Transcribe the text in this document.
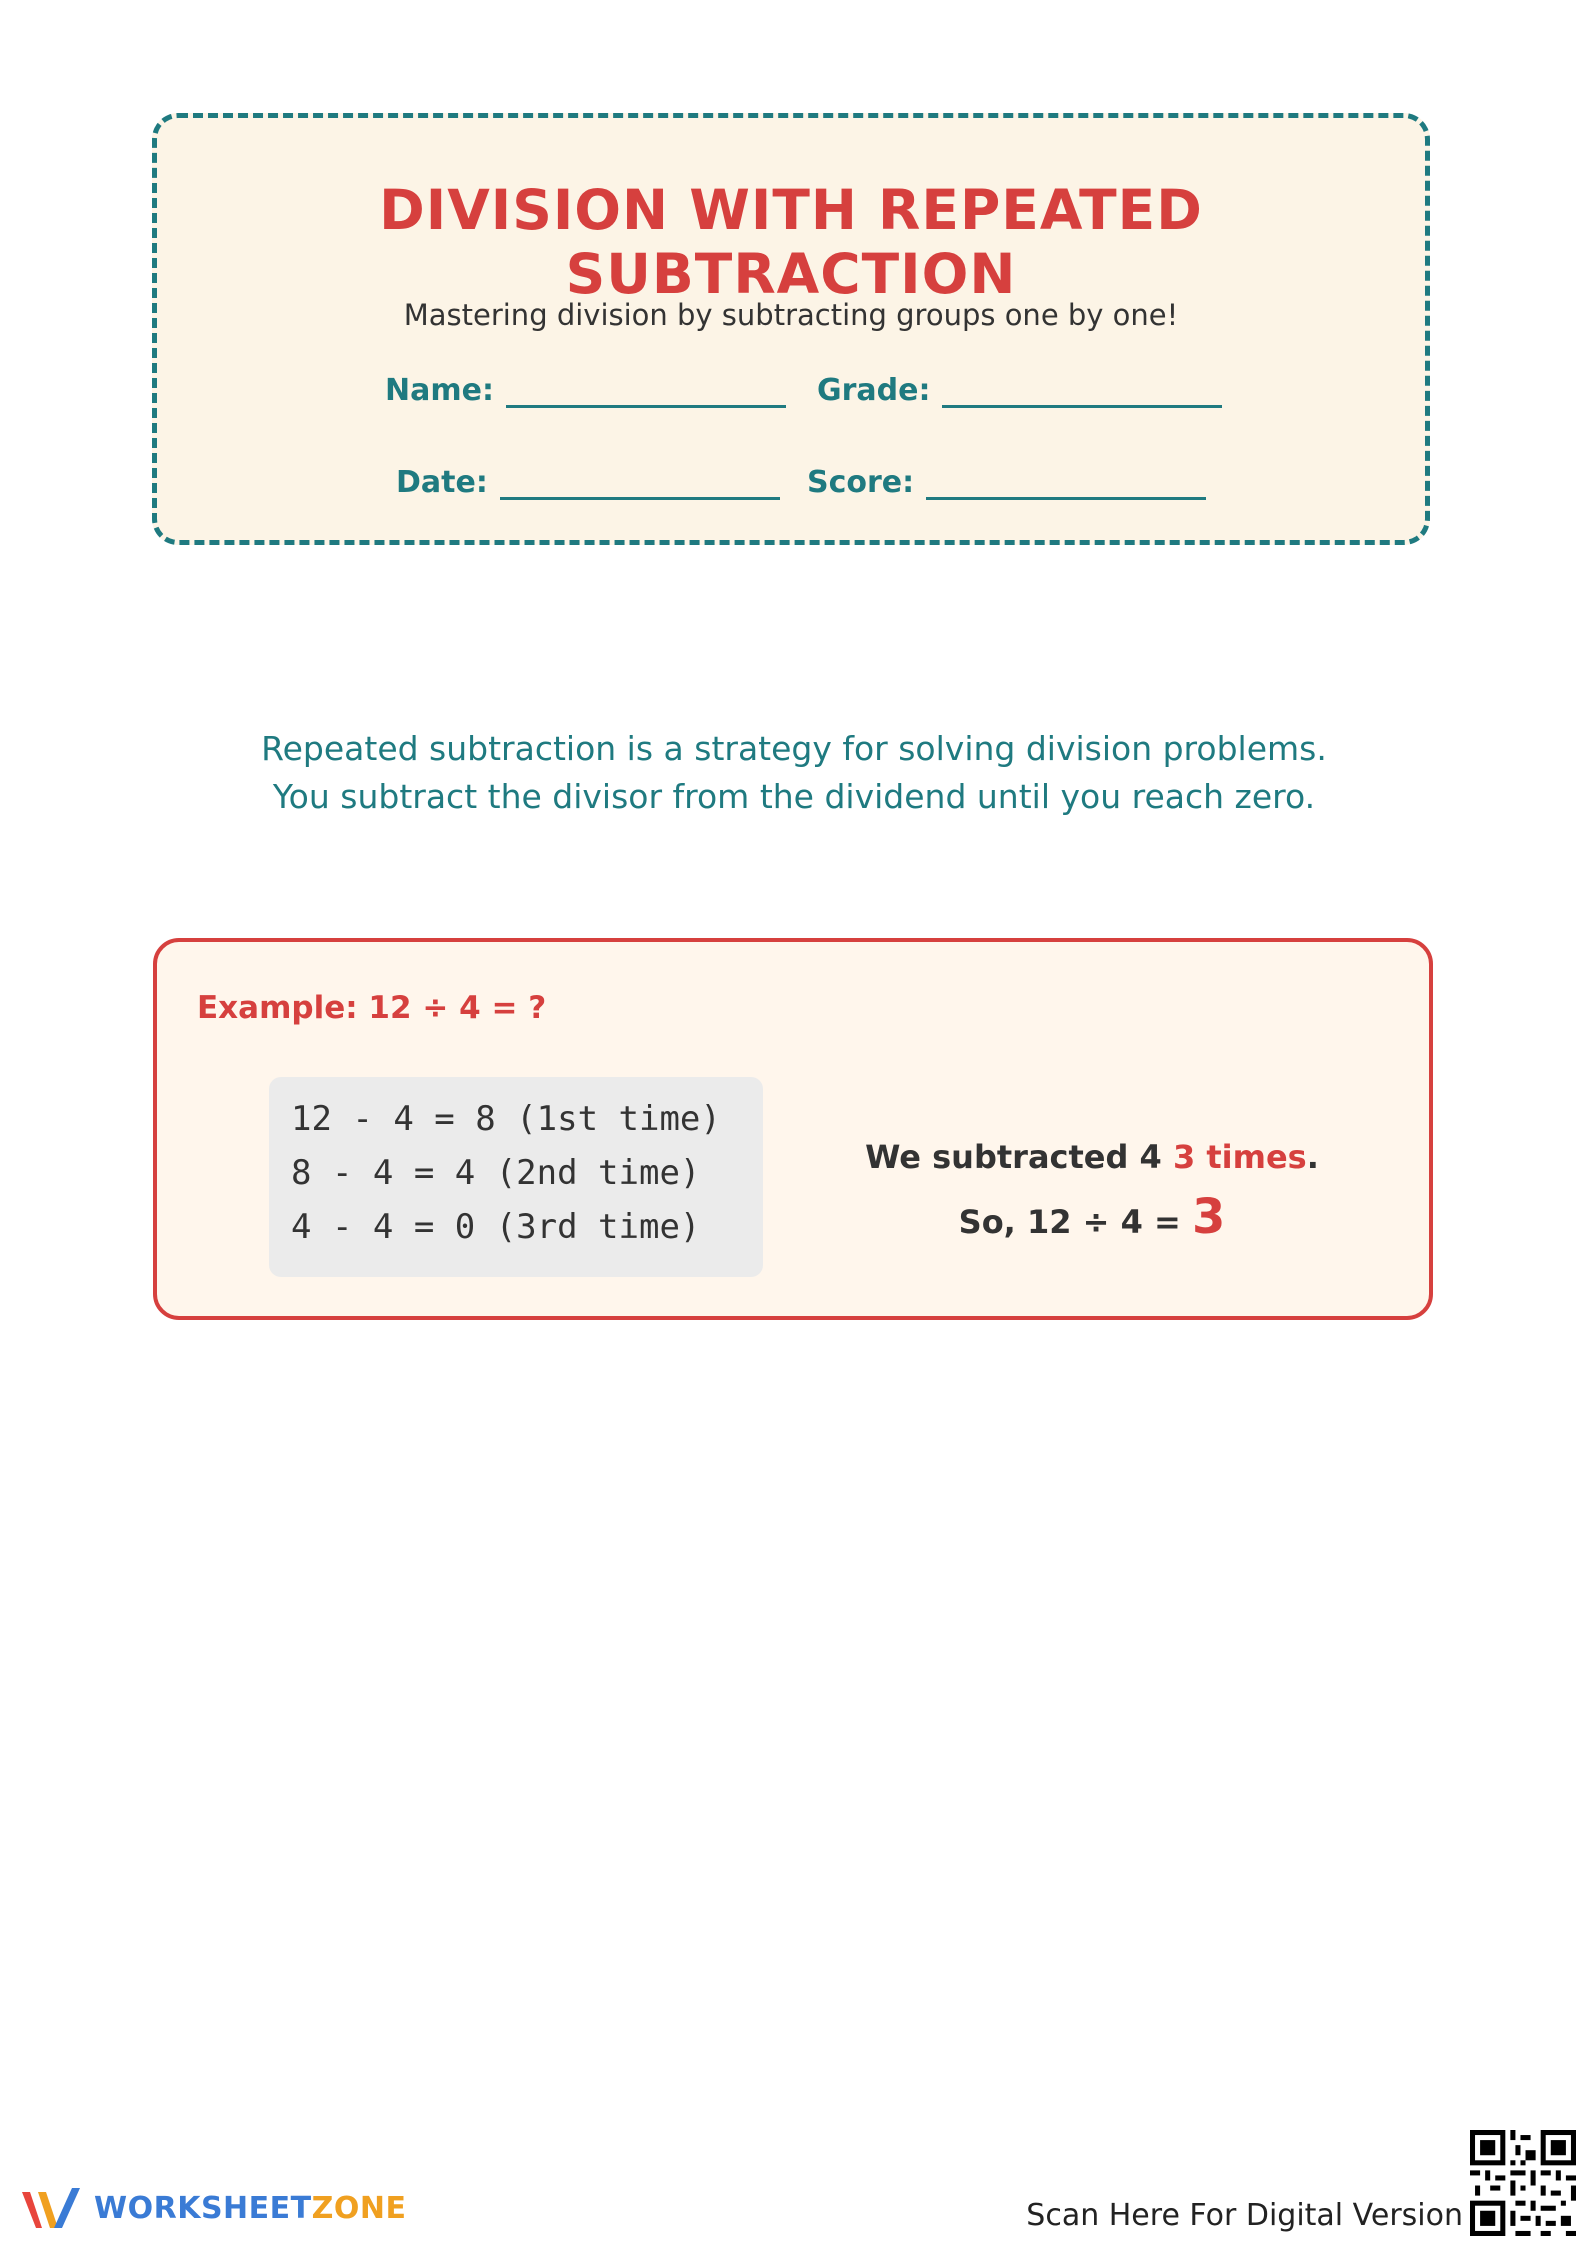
DIVISION WITH REPEATED SUBTRACTION
Mastering division by subtracting groups one by one!
Name:	Grade:
Date:	Score:
Repeated subtraction is a strategy for solving division problems.
You subtract the divisor from the dividend until you reach zero.
Example: 12 ÷ 4 = ?
12 - 4 = 8 (1st time)
8 - 4 = 4 (2nd time)
4 - 4 = 0 (3rd time)
We subtracted 4 3 times.
So, 12 ÷ 4 = 3
WORKSHEETZONE	Scan Here For Digital Version
